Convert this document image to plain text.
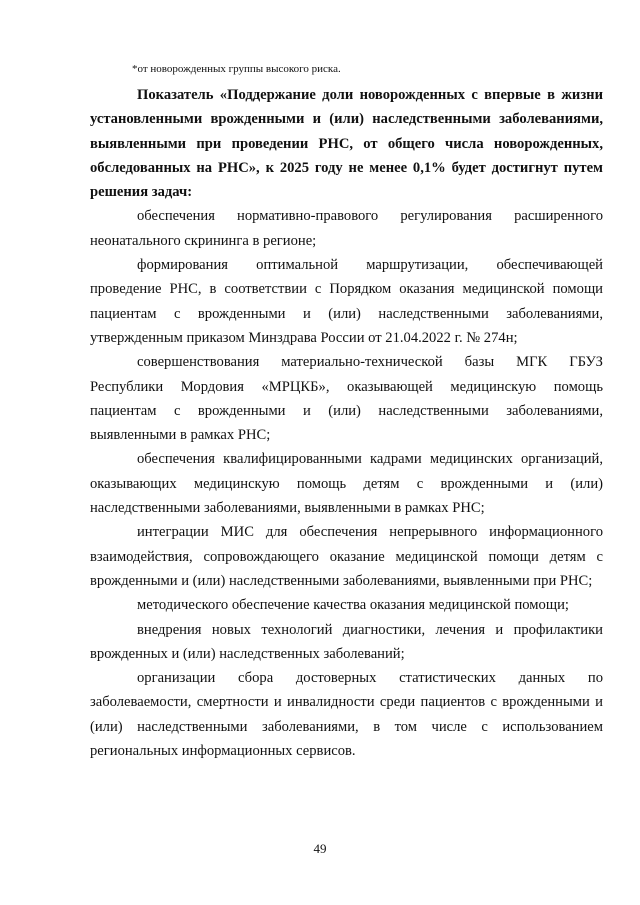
*от новорожденных группы высокого риска.

Показатель «Поддержание доли новорожденных с впервые в жизни установленными врожденными и (или) наследственными заболеваниями, выявленными при проведении РНС, от общего числа новорожденных, обследованных на РНС», к 2025 году не менее 0,1% будет достигнут путем решения задач:

обеспечения нормативно-правового регулирования расширенного неонатального скрининга в регионе;

формирования оптимальной маршрутизации, обеспечивающей проведение РНС, в соответствии с Порядком оказания медицинской помощи пациентам с врожденными и (или) наследственными заболеваниями, утвержденным приказом Минздрава России от 21.04.2022 г. № 274н;

совершенствования материально-технической базы МГК ГБУЗ Республики Мордовия «МРЦКБ», оказывающей медицинскую помощь пациентам с врожденными и (или) наследственными заболеваниями, выявленными в рамках РНС;

обеспечения квалифицированными кадрами медицинских организаций, оказывающих медицинскую помощь детям с врожденными и (или) наследственными заболеваниями, выявленными в рамках РНС;

интеграции МИС для обеспечения непрерывного информационного взаимодействия, сопровождающего оказание медицинской помощи детям с врожденными и (или) наследственными заболеваниями, выявленными при РНС;

методического обеспечение качества оказания медицинской помощи;

внедрения новых технологий диагностики, лечения и профилактики врожденных и (или) наследственных заболеваний;

организации сбора достоверных статистических данных по заболеваемости, смертности и инвалидности среди пациентов с врожденными и (или) наследственными заболеваниями, в том числе с использованием региональных информационных сервисов.

49
